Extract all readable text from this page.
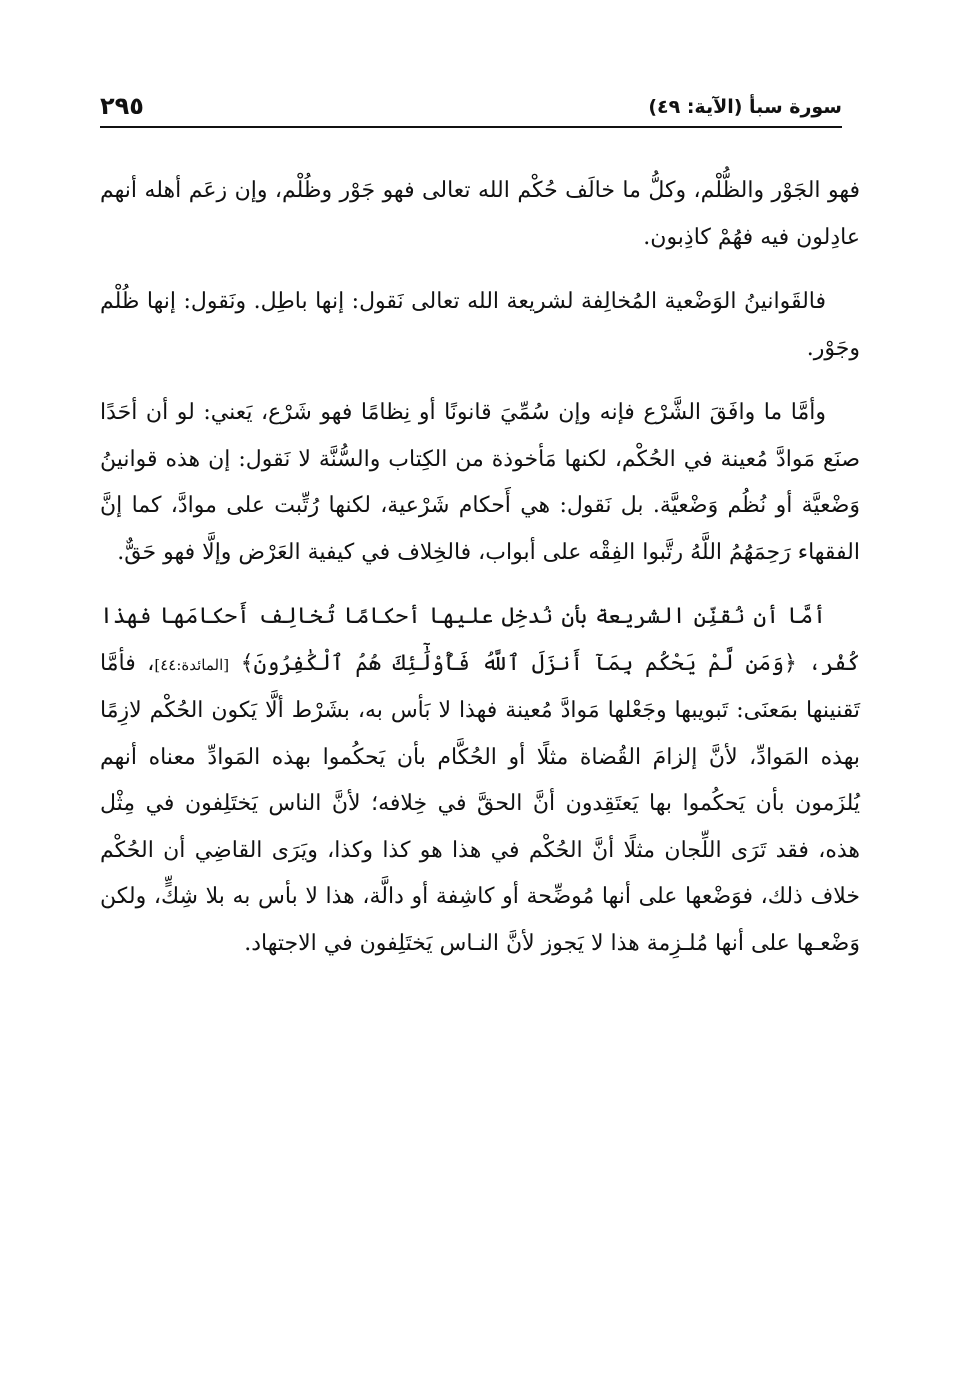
سورة سبأ (الآية: ٤٩)
٢٩٥

فهو الجَوْر والظُّلْم، وكلُّ ما خالَف حُكْم الله تعالى فهو جَوْر وظُلْم، وإن زعَم أهله أنهم عادِلون فيه فهُمْ كاذِبون.

فالقَوانينُ الوَضْعية المُخالِفة لشريعة الله تعالى نَقول: إنها باطِل. ونَقول: إنها ظُلْم وجَوْر.

وأمَّا ما وافَقَ الشَّرْع فإنه وإن سُمِّيَ قانونًا أو نِظامًا فهو شَرْع، يَعني: لو أن أحَدًا صنَع مَوادَّ مُعينة في الحُكْم، لكنها مَأخوذة من الكِتاب والسُّنَّة لا نَقول: إن هذه قوانينُ وَضْعيَّة أو نُظُم وَضْعيَّة. بل نَقول: هي أَحكام شَرْعية، لكنها رُتِّبت على موادَّ، كما إنَّ الفقهاء رَحِمَهُمُ اللَّهُ رتَّبوا الفِقْه على أبواب، فالخِلاف في كيفية العَرْض وإلَّا فهو حَقٌّ.

أمَّا أن نُقنِّن الشريعة بأن نُدخِل عليها أحكامًا تُخالِف أَحكامَها فهذا كُفْر، ﴿وَمَن لَّمْ يَحْكُم بِمَآ أَنزَلَ ٱللَّهُ فَأُوْلَٰٓئِكَ هُمُ ٱلْكَٰفِرُونَ﴾ [المائدة:٤٤]، فأمَّا تَقنينها بمَعنَى: تَبويبها وجَعْلها مَوادَّ مُعينة فهذا لا بَأس به، بشَرْط ألَّا يَكون الحُكْم لازِمًا بهذه المَوادِّ، لأنَّ إلزامَ القُضاة مثلًا أو الحُكَّام بأن يَحكُموا بهذه المَوادِّ معناه أنهم يُلزَمون بأن يَحكُموا بها يَعتَقِدون أنَّ الحقَّ في خِلافه؛ لأنَّ الناس يَختَلِفون في مِثْل هذه، فقد تَرَى اللِّجان مثلًا أنَّ الحُكْم في هذا هو كذا وكذا، ويَرَى القاضِي أن الحُكْم خلاف ذلك، فوَضْعها على أنها مُوضِّحة أو كاشِفة أو دالَّة، هذا لا بأس به بلا شِكٍّ، ولكن وَضْعـها على أنها مُلـزِمة هذا لا يَجوز لأنَّ النـاس يَختَلِفون في الاجتهاد.
